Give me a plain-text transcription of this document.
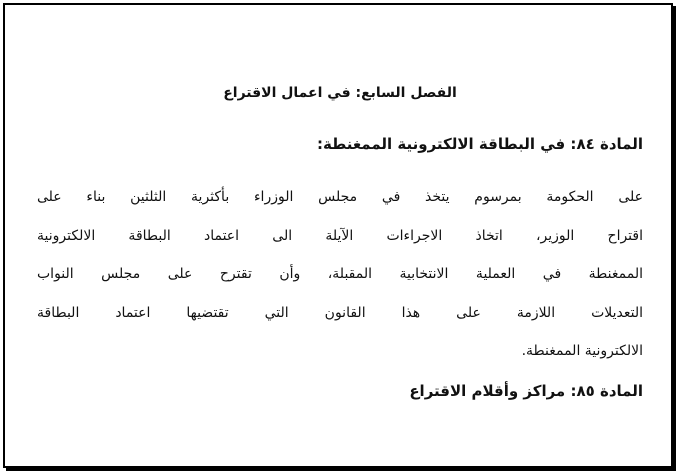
الفصل السابع: في اعمال الاقتراع
المادة ٨٤: في البطاقة الالكترونية الممغنطة:
على الحكومة بمرسوم يتخذ في مجلس الوزراء بأكثرية الثلثين بناء على
اقتراح الوزير، اتخاذ الاجراءات الآيلة الى اعتماد البطاقة الالكترونية
الممغنطة في العملية الانتخابية المقبلة، وأن تقترح على مجلس النواب
التعديلات اللازمة على هذا القانون التي تقتضيها اعتماد البطاقة
الالكترونية الممغنطة.
المادة ٨٥: مراكز وأقلام الاقتراع
